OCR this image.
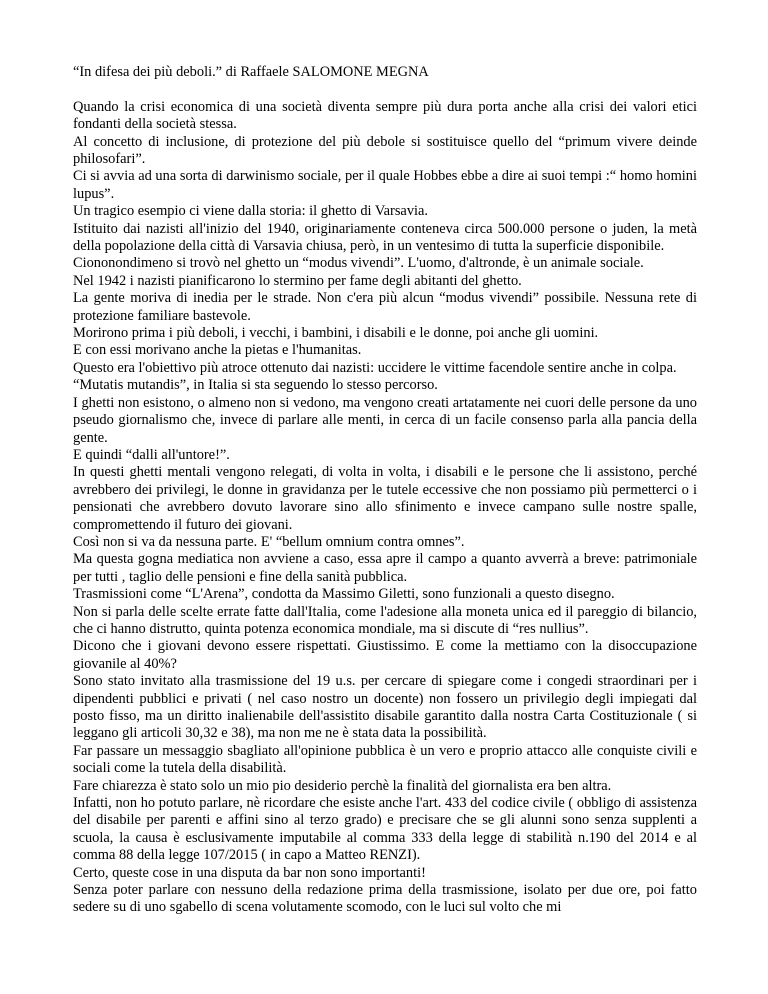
“In difesa dei più deboli.” di Raffaele SALOMONE MEGNA

Quando la crisi economica di una società diventa sempre più dura porta anche alla crisi dei valori etici fondanti della società stessa.

Al concetto di inclusione, di protezione del più debole si sostituisce quello del “primum vivere deinde philosofari”.

Ci si avvia ad una sorta di darwinismo sociale, per il quale Hobbes ebbe a dire ai suoi tempi :“ homo homini lupus”.

Un tragico esempio ci viene dalla storia: il ghetto di Varsavia.

Istituito dai nazisti all'inizio del 1940, originariamente conteneva circa 500.000 persone o juden, la metà della popolazione della città di Varsavia chiusa, però, in un ventesimo di tutta la superficie disponibile.

Ciononondimeno si trovò nel ghetto un “modus vivendi”. L'uomo, d'altronde, è un animale sociale.

Nel 1942 i nazisti pianificarono lo stermino per fame degli abitanti del ghetto.

La gente moriva di inedia per le strade. Non c'era più alcun “modus vivendi” possibile. Nessuna rete di protezione familiare bastevole.

Morirono prima i più deboli, i vecchi, i bambini, i disabili e le donne, poi anche gli uomini.

E con essi morivano anche la pietas e l'humanitas.

Questo era l'obiettivo più atroce ottenuto dai nazisti: uccidere le vittime facendole sentire anche in colpa.

“Mutatis mutandis”, in Italia si sta seguendo lo stesso percorso.

I ghetti non esistono, o almeno non si vedono, ma vengono creati artatamente nei cuori delle persone da uno pseudo giornalismo che, invece di parlare alle menti, in cerca di un facile consenso parla alla pancia della gente.

E quindi “dalli all'untore!”.

In questi ghetti mentali vengono relegati, di volta in volta, i disabili e le persone che li assistono, perché avrebbero dei privilegi, le donne in gravidanza per le tutele eccessive che non possiamo più permetterci o i pensionati che avrebbero dovuto lavorare sino allo sfinimento e invece campano sulle nostre spalle, compromettendo il futuro dei giovani.

Così non si va da nessuna parte. E' “bellum omnium contra omnes”.

Ma questa gogna mediatica non avviene a caso, essa apre il campo a quanto avverrà a breve: patrimoniale per tutti , taglio delle pensioni e fine della sanità pubblica.

Trasmissioni come “L'Arena”, condotta da Massimo Giletti, sono funzionali a questo disegno.

Non si parla delle scelte errate fatte dall'Italia, come l'adesione alla moneta unica ed il pareggio di bilancio, che ci hanno distrutto, quinta potenza economica mondiale, ma si discute di “res nullius”.

Dicono che i giovani devono essere rispettati. Giustissimo. E come la mettiamo con la disoccupazione giovanile al 40%?

Sono stato invitato alla trasmissione del 19 u.s. per cercare di spiegare come i congedi straordinari per i dipendenti pubblici e privati ( nel caso nostro un docente) non fossero un privilegio degli impiegati dal posto fisso, ma un diritto inalienabile dell'assistito disabile garantito dalla nostra Carta Costituzionale ( si leggano gli articoli 30,32 e 38), ma non me ne è stata data la possibilità.

Far passare un messaggio sbagliato all'opinione pubblica è un vero e proprio attacco alle conquiste civili e sociali come la tutela della disabilità.

Fare chiarezza è stato solo un mio pio desiderio perchè la finalità del giornalista era ben altra.

Infatti, non ho potuto parlare, nè ricordare che esiste anche l'art. 433 del codice civile ( obbligo di assistenza del disabile per parenti e affini sino al terzo grado) e precisare che se gli alunni sono senza supplenti a scuola, la causa è esclusivamente imputabile al comma 333 della legge di stabilità n.190 del 2014 e al comma 88 della legge 107/2015 ( in capo a Matteo RENZI).

Certo, queste cose in una disputa da bar non sono importanti!

Senza poter parlare con nessuno della redazione prima della trasmissione, isolato per due ore, poi fatto sedere su di uno sgabello di scena volutamente scomodo, con le luci sul volto che mi
